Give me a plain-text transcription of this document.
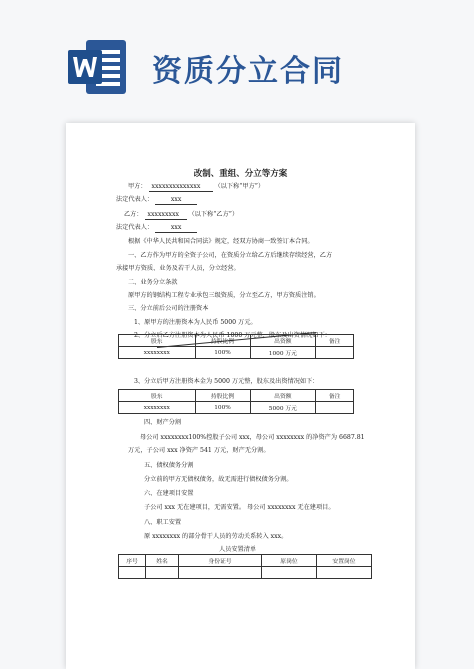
资质分立合同
改制、重组、分立等方案
甲方： xxxxxxxxxxxxxx （以下称“甲方”）
法定代表人：	xxx
乙方： xxxxxxxxx （以下称“乙方”）
法定代表人：	xxx
根据《中华人民共和国合同法》规定，经双方协商一致签订本合同。
一、乙方作为甲方的全资子公司，在资质分立给乙方后继续存续经营，乙方
承接甲方资质、业务及若干人员，分立经营。
二、业务分立条款
原甲方的钢结构工程专业承包三级资质，分立至乙方，甲方资质注销。
三、分立前后公司的注册资本
1、原甲方的注册资本为人民币 5000 万元。
2、分立后乙方注册资本为人民币 1000 万元整，股东及出资情况如下：
股东	持股比例	出资额	备注
xxxxxxxx	100%	1000 万元	
3、分立后甲方注册资本金为 5000 万元整，股东及出资情况如下：
股东	持股比例	出资额	备注
xxxxxxxx	100%	5000 万元	
四、财产分割
母公司 xxxxxxxx100%控股子公司 xxx，母公司 xxxxxxxx 的净资产为 6687.81
万元，子公司 xxx 净资产 541 万元，财产无分割。
五、债权债务分割
分立前的甲方无债权债务，故无需进行债权债务分割。
六、在建项目安置
子公司 xxx 无在建项目，无需安置。 母公司 xxxxxxxx 无在建项目。
八、职工安置
原 xxxxxxxx 的部分骨干人员的劳动关系转入 xxx。
人员安置清单
序号	姓名	身份证号	原岗位	安置岗位
